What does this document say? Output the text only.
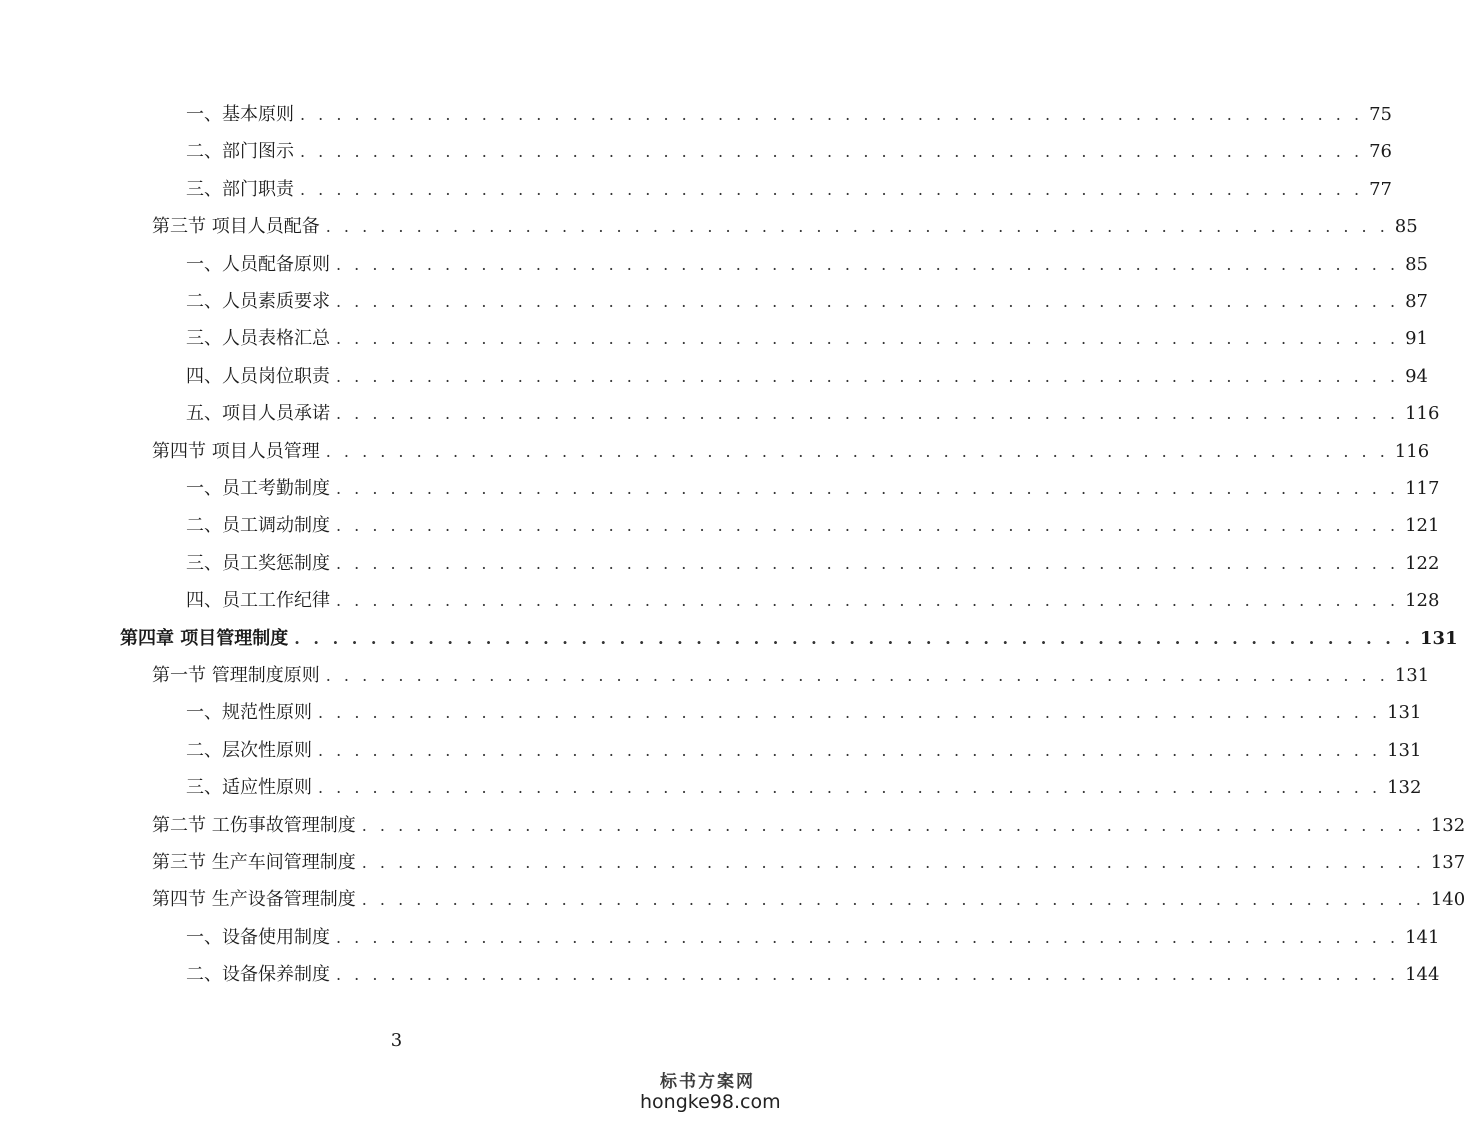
一、基本原则 . . . . . . . . . . . . . . . . . . . . . . . . . . . . . . . . . . . . . . . . . . . . . . . . . . . . . . . . . . . 75
二、部门图示 . . . . . . . . . . . . . . . . . . . . . . . . . . . . . . . . . . . . . . . . . . . . . . . . . . . . . . . . . . . 76
三、部门职责 . . . . . . . . . . . . . . . . . . . . . . . . . . . . . . . . . . . . . . . . . . . . . . . . . . . . . . . . . . . 77
第三节 项目人员配备 . . . . . . . . . . . . . . . . . . . . . . . . . . . . . . . . . . . . . . . . . . . . . . . . . . . . . . . . . . . 85
一、人员配备原则 . . . . . . . . . . . . . . . . . . . . . . . . . . . . . . . . . . . . . . . . . . . . . . . . . . . . . . . . . . . 85
二、人员素质要求 . . . . . . . . . . . . . . . . . . . . . . . . . . . . . . . . . . . . . . . . . . . . . . . . . . . . . . . . . . . 87
三、人员表格汇总 . . . . . . . . . . . . . . . . . . . . . . . . . . . . . . . . . . . . . . . . . . . . . . . . . . . . . . . . . . . 91
四、人员岗位职责 . . . . . . . . . . . . . . . . . . . . . . . . . . . . . . . . . . . . . . . . . . . . . . . . . . . . . . . . . . . 94
五、项目人员承诺 . . . . . . . . . . . . . . . . . . . . . . . . . . . . . . . . . . . . . . . . . . . . . . . . . . . . . . . . . . . 116
第四节 项目人员管理 . . . . . . . . . . . . . . . . . . . . . . . . . . . . . . . . . . . . . . . . . . . . . . . . . . . . . . . . . . . 116
一、员工考勤制度 . . . . . . . . . . . . . . . . . . . . . . . . . . . . . . . . . . . . . . . . . . . . . . . . . . . . . . . . . . . 117
二、员工调动制度 . . . . . . . . . . . . . . . . . . . . . . . . . . . . . . . . . . . . . . . . . . . . . . . . . . . . . . . . . . . 121
三、员工奖惩制度 . . . . . . . . . . . . . . . . . . . . . . . . . . . . . . . . . . . . . . . . . . . . . . . . . . . . . . . . . . . 122
四、员工工作纪律 . . . . . . . . . . . . . . . . . . . . . . . . . . . . . . . . . . . . . . . . . . . . . . . . . . . . . . . . . . . 128
第四章 项目管理制度 . . . . . . . . . . . . . . . . . . . . . . . . . . . . . . . . . . . . . . . . . . . . . . . . . . . . . . . . . . . 131
第一节 管理制度原则 . . . . . . . . . . . . . . . . . . . . . . . . . . . . . . . . . . . . . . . . . . . . . . . . . . . . . . . . . . . 131
一、规范性原则 . . . . . . . . . . . . . . . . . . . . . . . . . . . . . . . . . . . . . . . . . . . . . . . . . . . . . . . . . . . 131
二、层次性原则 . . . . . . . . . . . . . . . . . . . . . . . . . . . . . . . . . . . . . . . . . . . . . . . . . . . . . . . . . . . 131
三、适应性原则 . . . . . . . . . . . . . . . . . . . . . . . . . . . . . . . . . . . . . . . . . . . . . . . . . . . . . . . . . . . 132
第二节 工伤事故管理制度 . . . . . . . . . . . . . . . . . . . . . . . . . . . . . . . . . . . . . . . . . . . . . . . . . . . . . . . . . . . 132
第三节 生产车间管理制度 . . . . . . . . . . . . . . . . . . . . . . . . . . . . . . . . . . . . . . . . . . . . . . . . . . . . . . . . . . . 137
第四节 生产设备管理制度 . . . . . . . . . . . . . . . . . . . . . . . . . . . . . . . . . . . . . . . . . . . . . . . . . . . . . . . . . . . 140
一、设备使用制度 . . . . . . . . . . . . . . . . . . . . . . . . . . . . . . . . . . . . . . . . . . . . . . . . . . . . . . . . . . . 141
二、设备保养制度 . . . . . . . . . . . . . . . . . . . . . . . . . . . . . . . . . . . . . . . . . . . . . . . . . . . . . . . . . . . 144
3
标书方案网
hongke98.com
